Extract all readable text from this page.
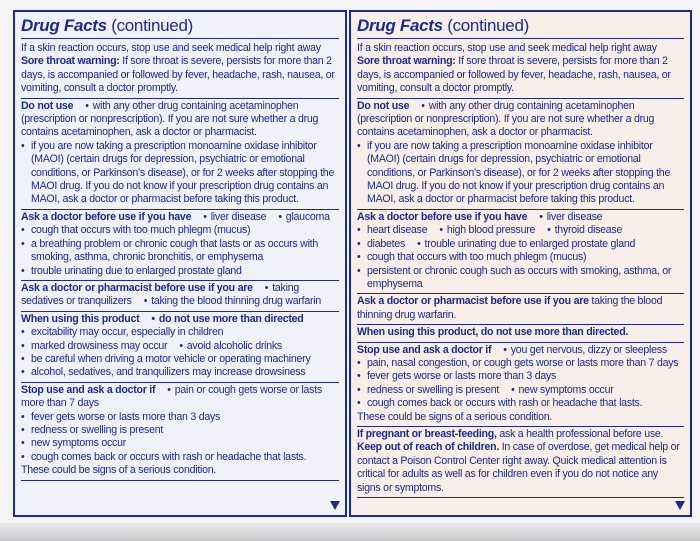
Drug Facts (continued)
If a skin reaction occurs, stop use and seek medical help right away
Sore throat warning: If sore throat is severe, persists for more than 2 days, is accompanied or followed by fever, headache, rash, nausea, or vomiting, consult a doctor promptly.
Do not use • with any other drug containing acetaminophen (prescription or nonprescription). If you are not sure whether a drug contains acetaminophen, ask a doctor or pharmacist.
• if you are now taking a prescription monoamine oxidase inhibitor (MAOI) (certain drugs for depression, psychiatric or emotional conditions, or Parkinson's disease), or for 2 weeks after stopping the MAOI drug. If you do not know if your prescription drug contains an MAOI, ask a doctor or pharmacist before taking this product.
Ask a doctor before use if you have • liver disease • glaucoma
• cough that occurs with too much phlegm (mucus)
• a breathing problem or chronic cough that lasts or as occurs with smoking, asthma, chronic bronchitis, or emphysema
• trouble urinating due to enlarged prostate gland
Ask a doctor or pharmacist before use if you are • taking sedatives or tranquilizers • taking the blood thinning drug warfarin
When using this product • do not use more than directed
• excitability may occur, especially in children
• marked drowsiness may occur • avoid alcoholic drinks
• be careful when driving a motor vehicle or operating machinery
• alcohol, sedatives, and tranquilizers may increase drowsiness
Stop use and ask a doctor if • pain or cough gets worse or lasts more than 7 days
• fever gets worse or lasts more than 3 days
• redness or swelling is present
• new symptoms occur
• cough comes back or occurs with rash or headache that lasts.
These could be signs of a serious condition.
Drug Facts (continued)
If a skin reaction occurs, stop use and seek medical help right away
Sore throat warning: If sore throat is severe, persists for more than 2 days, is accompanied or followed by fever, headache, rash, nausea, or vomiting, consult a doctor promptly.
Do not use • with any other drug containing acetaminophen (prescription or nonprescription). If you are not sure whether a drug contains acetaminophen, ask a doctor or pharmacist.
• if you are now taking a prescription monoamine oxidase inhibitor (MAOI) (certain drugs for depression, psychiatric or emotional conditions, or Parkinson's disease), or for 2 weeks after stopping the MAOI drug. If you do not know if your prescription drug contains an MAOI, ask a doctor or pharmacist before taking this product.
Ask a doctor before use if you have • liver disease
• heart disease • high blood pressure • thyroid disease
• diabetes • trouble urinating due to enlarged prostate gland
• cough that occurs with too much phlegm (mucus)
• persistent or chronic cough such as occurs with smoking, asthma, or emphysema
Ask a doctor or pharmacist before use if you are taking the blood thinning drug warfarin.
When using this product, do not use more than directed.
Stop use and ask a doctor if • you get nervous, dizzy or sleepless
• pain, nasal congestion, or cough gets worse or lasts more than 7 days
• fever gets worse or lasts more than 3 days
• redness or swelling is present • new symptoms occur
• cough comes back or occurs with rash or headache that lasts.
These could be signs of a serious condition.
If pregnant or breast-feeding, ask a health professional before use. Keep out of reach of children. In case of overdose, get medical help or contact a Poison Control Center right away. Quick medical attention is critical for adults as well as for children even if you do not notice any signs or symptoms.
